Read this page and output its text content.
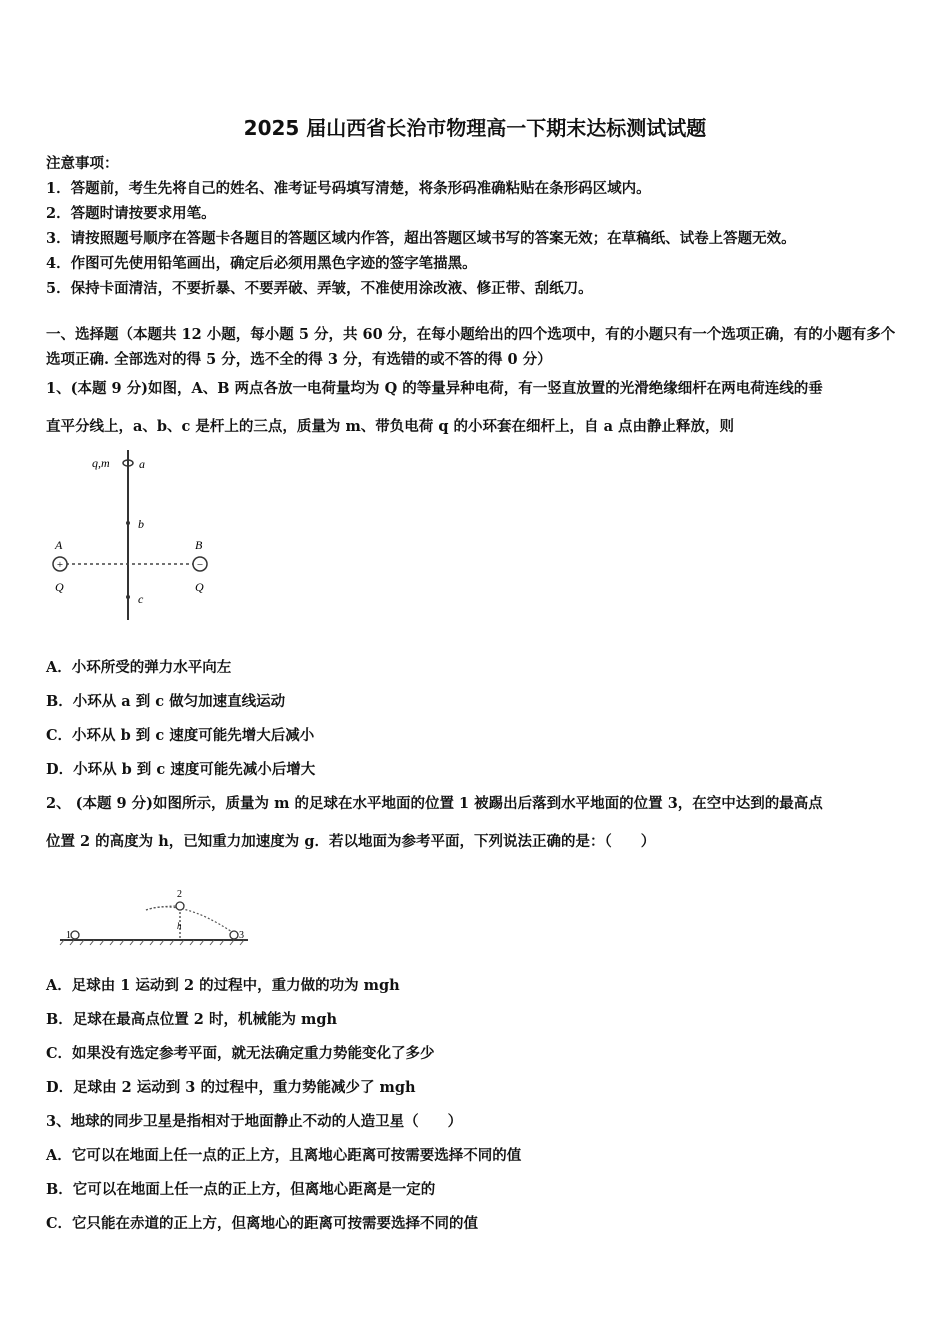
2025 届山西省长治市物理高一下期末达标测试试题
注意事项：
1．答题前，考生先将自己的姓名、准考证号码填写清楚，将条形码准确粘贴在条形码区域内。
2．答题时请按要求用笔。
3．请按照题号顺序在答题卡各题目的答题区域内作答，超出答题区域书写的答案无效；在草稿纸、试卷上答题无效。
4．作图可先使用铅笔画出，确定后必须用黑色字迹的签字笔描黑。
5．保持卡面清洁，不要折暴、不要弄破、弄皱，不准使用涂改液、修正带、刮纸刀。
一、选择题（本题共 12 小题，每小题 5 分，共 60 分，在每小题给出的四个选项中，有的小题只有一个选项正确，有的小题有多个选项正确. 全部选对的得 5 分，选不全的得 3 分，有选错的或不答的得 0 分）
1、(本题 9 分)如图，A、B 两点各放一电荷量均为 Q 的等量异种电荷，有一竖直放置的光滑绝缘细杆在两电荷连线的垂
直平分线上，a、b、c 是杆上的三点，质量为 m、带负电荷 q 的小环套在细杆上，自 a 点由静止释放，则
+	−
q,m a
b
c
A	B
Q	Q
A．小环所受的弹力水平向左
B．小环从 a 到 c 做匀加速直线运动
C．小环从 b 到 c 速度可能先增大后减小
D．小环从 b 到 c 速度可能先减小后增大
2、 (本题 9 分)如图所示，质量为 m 的足球在水平地面的位置 1 被踢出后落到水平地面的位置 3，在空中达到的最高点
位置 2 的高度为 h，已知重力加速度为 g．若以地面为参考平面，下列说法正确的是：（　　）
1
2
3
h
A．足球由 1 运动到 2 的过程中，重力做的功为 mgh
B．足球在最高点位置 2 时，机械能为 mgh
C．如果没有选定参考平面，就无法确定重力势能变化了多少
D．足球由 2 运动到 3 的过程中，重力势能减少了 mgh
3、地球的同步卫星是指相对于地面静止不动的人造卫星（　　）
A．它可以在地面上任一点的正上方，且离地心距离可按需要选择不同的值
B．它可以在地面上任一点的正上方，但离地心距离是一定的
C．它只能在赤道的正上方，但离地心的距离可按需要选择不同的值
